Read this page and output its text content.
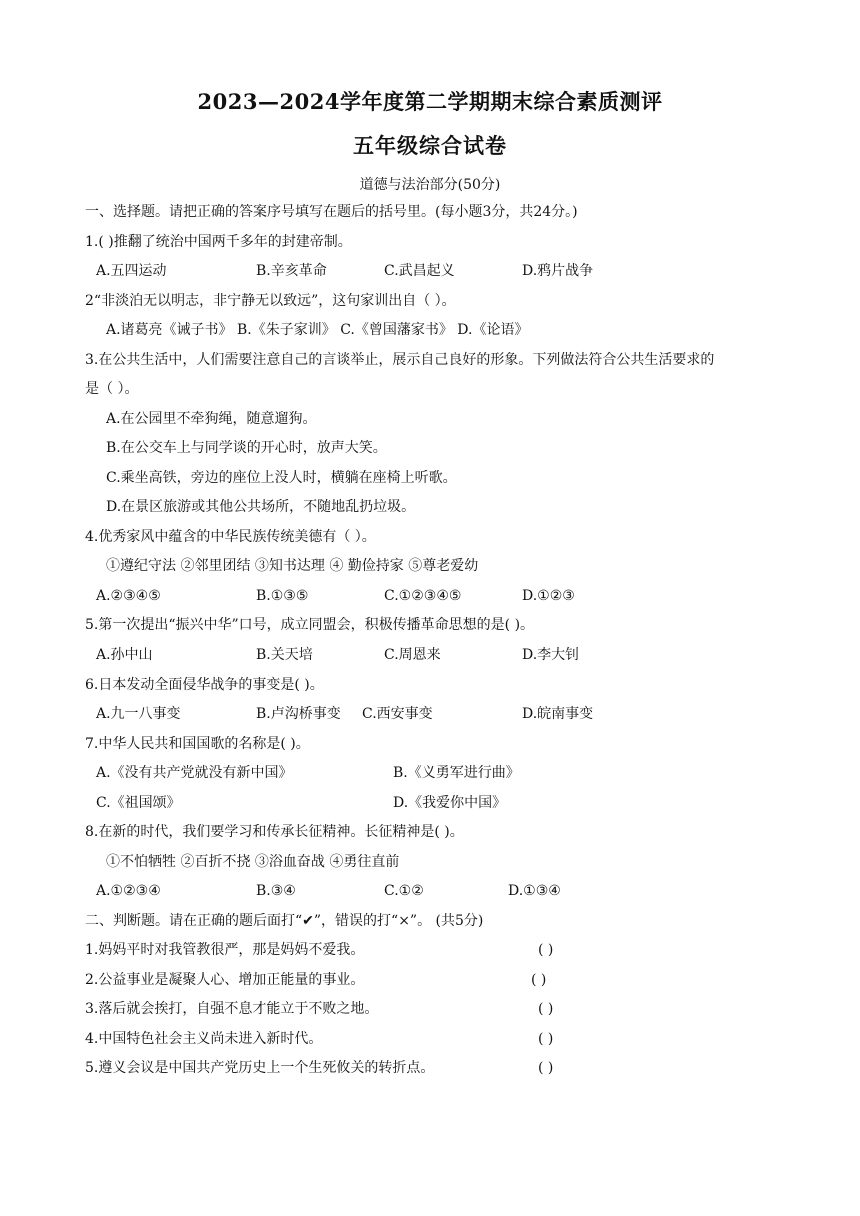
2023—2024学年度第二学期期末综合素质测评
五年级综合试卷
道德与法治部分(50分)
一、选择题。请把正确的答案序号填写在题后的括号里。(每小题3分，共24分。)
1.( )推翻了统治中国两千多年的封建帝制。
A.五四运动	B.辛亥革命	C.武昌起义	D.鸦片战争
2“非淡泊无以明志，非宁静无以致远”，这句家训出自（ ）。
A.诸葛亮《诫子书》 B.《朱子家训》 C.《曾国藩家书》 D.《论语》
3.在公共生活中，人们需要注意自己的言谈举止，展示自己良好的形象。下列做法符合公共生活要求的
是（ ）。
A.在公园里不牵狗绳，随意遛狗。
B.在公交车上与同学谈的开心时，放声大笑。
C.乘坐高铁，旁边的座位上没人时，横躺在座椅上听歌。
D.在景区旅游或其他公共场所，不随地乱扔垃圾。
4.优秀家风中蕴含的中华民族传统美德有（ ）。
①遵纪守法 ②邻里团结 ③知书达理 ④ 勤俭持家 ⑤尊老爱幼
A.②③④⑤	B.①③⑤	C.①②③④⑤	D.①②③
5.第一次提出“振兴中华”口号，成立同盟会，积极传播革命思想的是( )。
A.孙中山	B.关天培	C.周恩来	D.李大钊
6.日本发动全面侵华战争的事变是( )。
A.九一八事变	B.卢沟桥事变 C.西安事变	D.皖南事变
7.中华人民共和国国歌的名称是( )。
A.《没有共产党就没有新中国》	B.《义勇军进行曲》
C.《祖国颂》	D.《我爱你中国》
8.在新的时代，我们要学习和传承长征精神。长征精神是( )。
①不怕牺牲 ②百折不挠 ③浴血奋战 ④勇往直前
A.①②③④	B.③④	C.①②	D.①③④
二、判断题。请在正确的题后面打“✔”，错误的打“×”。 (共5分)
1.妈妈平时对我管教很严，那是妈妈不爱我。	( )
2.公益事业是凝聚人心、增加正能量的事业。	( )
3.落后就会挨打，自强不息才能立于不败之地。	( )
4.中国特色社会主义尚未进入新时代。	( )
5.遵义会议是中国共产党历史上一个生死攸关的转折点。	( )
